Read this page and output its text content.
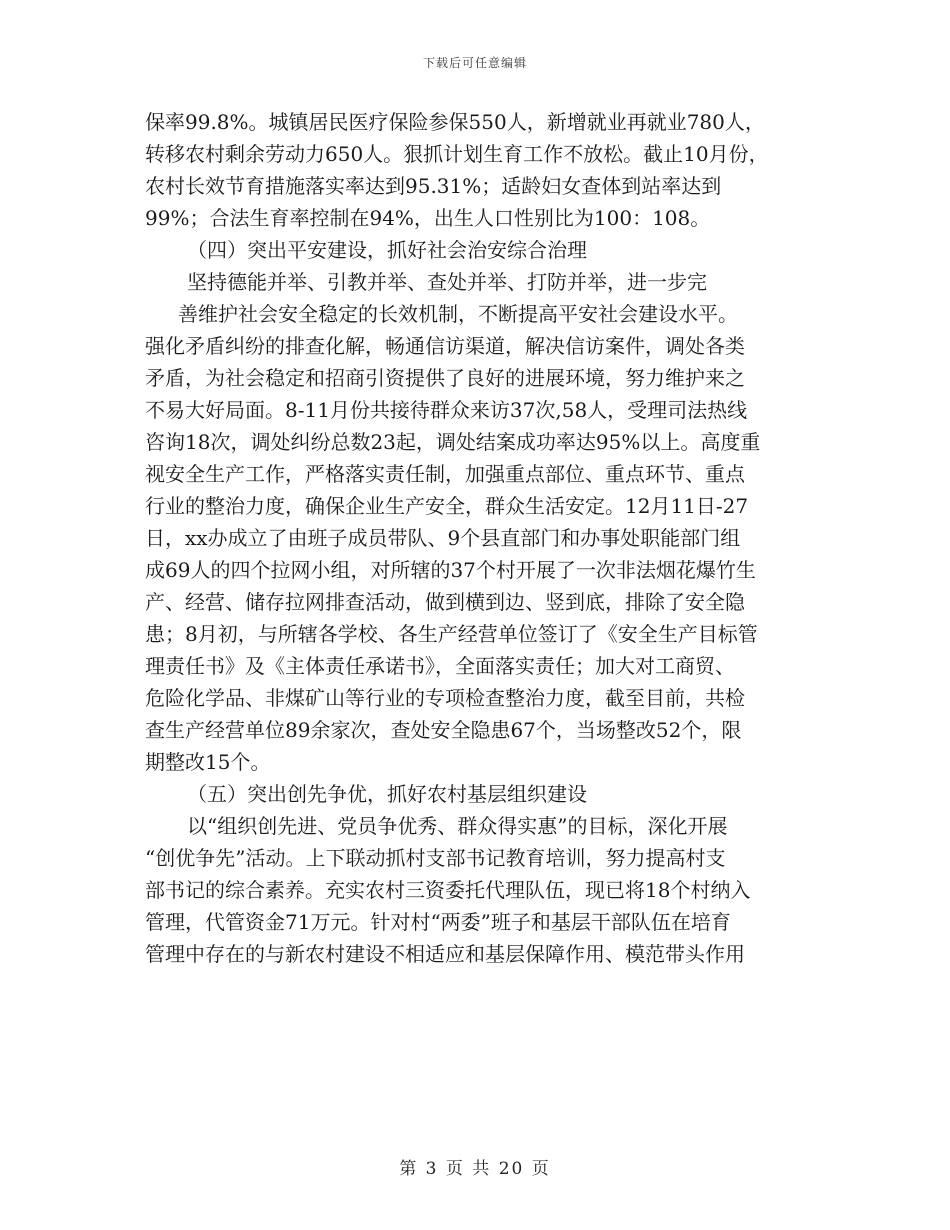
下载后可任意编辑
保率99.8%。城镇居民医疗保险参保550人，新增就业再就业780人，
转移农村剩余劳动力650人。狠抓计划生育工作不放松。截止10月份，
农村长效节育措施落实率达到95.31%；适龄妇女查体到站率达到
99%；合法生育率控制在94%，出生人口性别比为100：108。
（四）突出平安建设，抓好社会治安综合治理
坚持德能并举、引教并举、查处并举、打防并举，进一步完
善维护社会安全稳定的长效机制，不断提高平安社会建设水平。
强化矛盾纠纷的排查化解，畅通信访渠道，解决信访案件，调处各类
矛盾，为社会稳定和招商引资提供了良好的进展环境，努力维护来之
不易大好局面。8-11月份共接待群众来访37次,58人，受理司法热线
咨询18次，调处纠纷总数23起，调处结案成功率达95%以上。高度重
视安全生产工作，严格落实责任制，加强重点部位、重点环节、重点
行业的整治力度，确保企业生产安全，群众生活安定。12月11日-27
日，xx办成立了由班子成员带队、9个县直部门和办事处职能部门组
成69人的四个拉网小组，对所辖的37个村开展了一次非法烟花爆竹生
产、经营、储存拉网排查活动，做到横到边、竖到底，排除了安全隐
患；8月初，与所辖各学校、各生产经营单位签订了《安全生产目标管
理责任书》及《主体责任承诺书》，全面落实责任；加大对工商贸、
危险化学品、非煤矿山等行业的专项检查整治力度，截至目前，共检
查生产经营单位89余家次，查处安全隐患67个，当场整改52个，限
期整改15个。
（五）突出创先争优，抓好农村基层组织建设
以“组织创先进、党员争优秀、群众得实惠”的目标，深化开展
“创优争先”活动。上下联动抓村支部书记教育培训，努力提高村支
部书记的综合素养。充实农村三资委托代理队伍，现已将18个村纳入
管理，代管资金71万元。针对村“两委”班子和基层干部队伍在培育
管理中存在的与新农村建设不相适应和基层保障作用、模范带头作用
第 3 页 共 20 页
